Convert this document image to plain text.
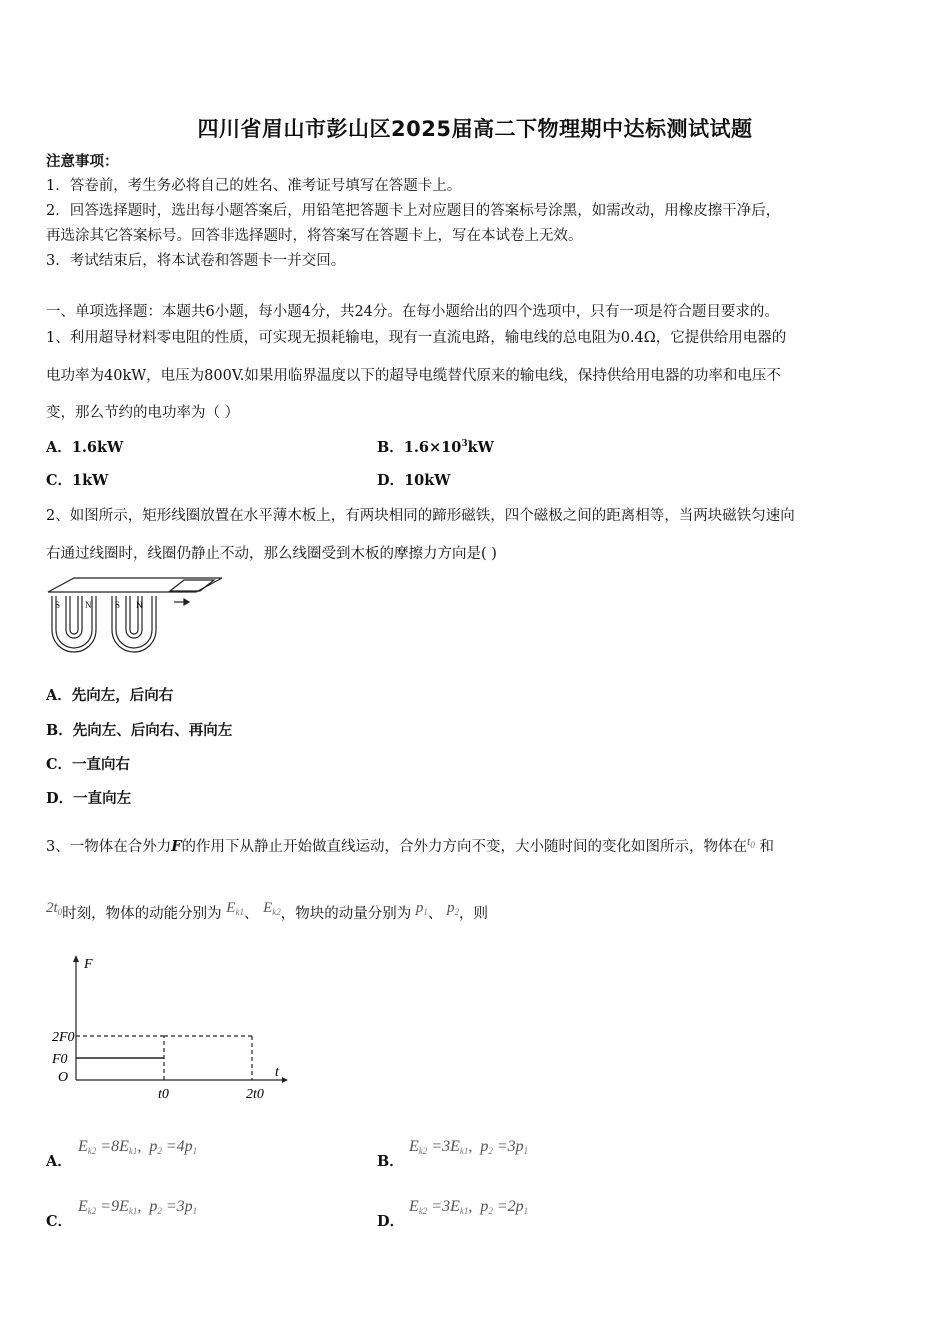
四川省眉山市彭山区2025届高二下物理期中达标测试试题
注意事项：
1．答卷前，考生务必将自己的姓名、准考证号填写在答题卡上。
2．回答选择题时，选出每小题答案后，用铅笔把答题卡上对应题目的答案标号涂黑，如需改动，用橡皮擦干净后，
再选涂其它答案标号。回答非选择题时，将答案写在答题卡上，写在本试卷上无效。
3．考试结束后，将本试卷和答题卡一并交回。
一、单项选择题：本题共6小题，每小题4分，共24分。在每小题给出的四个选项中，只有一项是符合题目要求的。
1、利用超导材料零电阻的性质，可实现无损耗输电，现有一直流电路，输电线的总电阻为0.4Ω，它提供给用电器的
电功率为40kW，电压为800V.如果用临界温度以下的超导电缆替代原来的输电线，保持供给用电器的功率和电压不
变，那么节约的电功率为（ ）
A．1.6kW	B．$1.6\times 10^3kW$
C．1kW	D．10kW
2、如图所示，矩形线圈放置在水平薄木板上，有两块相同的蹄形磁铁，四个磁极之间的距离相等，当两块磁铁匀速向
右通过线圈时，线圈仍静止不动，那么线圈受到木板的摩擦力方向是( )
S	N	S N
A．先向左，后向右
B．先向左、后向右、再向左
C．一直向右
D．一直向左
3、一物体在合外力F的作用下从静止开始做直线运动，合外力方向不变，大小随时间的变化如图所示，物体在$^{t_0}$ 和
$2t_0$时刻，物体的动能分别为 $E_{k1}$、 $E_{k2}$，物块的动量分别为 $p_1$、 $p_2$，则
F0
2F0
t0	2t0
F
t
O
A．
Ek2 =8Ek1,  p2 =4p1
B．
Ek2 =3Ek1,  p2 =3p1
C．
Ek2 =9Ek1,  p2 =3p1
D．
Ek2 =3Ek1,  p2 =2p1
